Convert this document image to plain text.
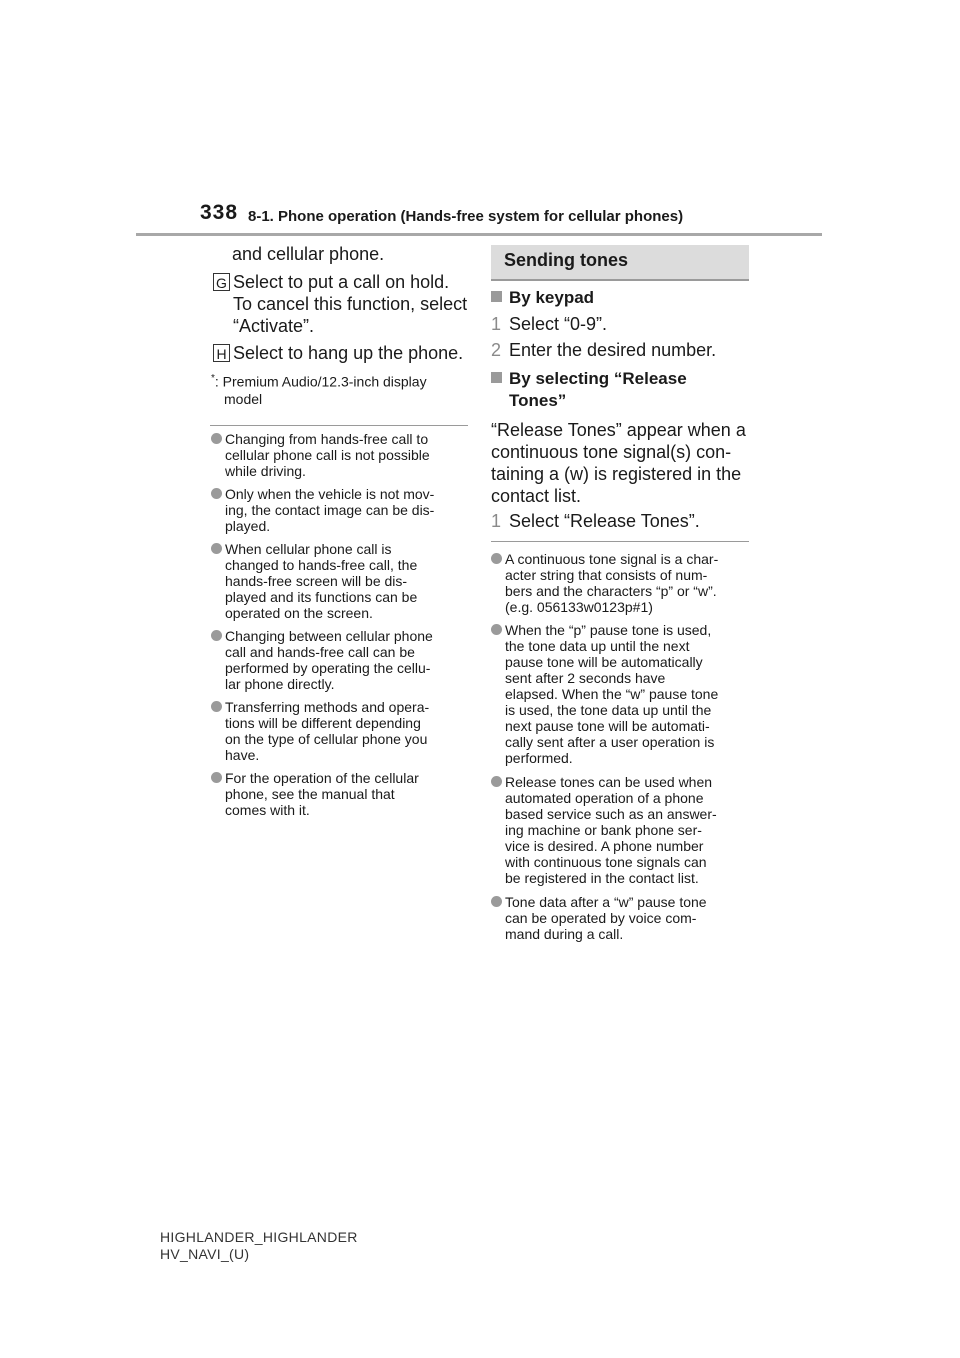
338 8-1. Phone operation (Hands-free system for cellular phones)
and cellular phone.
G Select to put a call on hold.
To cancel this function, select
“Activate”.
H Select to hang up the phone.
*: Premium Audio/12.3-inch display
model
Changing from hands-free call to
cellular phone call is not possible
while driving.
Only when the vehicle is not mov-
ing, the contact image can be dis-
played.
When cellular phone call is
changed to hands-free call, the
hands-free screen will be dis-
played and its functions can be
operated on the screen.
Changing between cellular phone
call and hands-free call can be
performed by operating the cellu-
lar phone directly.
Transferring methods and opera-
tions will be different depending
on the type of cellular phone you
have.
For the operation of the cellular
phone, see the manual that
comes with it.
Sending tones
By keypad
1 Select “0-9”.
2 Enter the desired number.
By selecting “Release
Tones”
“Release Tones” appear when a
continuous tone signal(s) con-
taining a (w) is registered in the
contact list.
1 Select “Release Tones”.
A continuous tone signal is a char-
acter string that consists of num-
bers and the characters “p” or “w”.
(e.g. 056133w0123p#1)
When the “p” pause tone is used,
the tone data up until the next
pause tone will be automatically
sent after 2 seconds have
elapsed. When the “w” pause tone
is used, the tone data up until the
next pause tone will be automati-
cally sent after a user operation is
performed.
Release tones can be used when
automated operation of a phone
based service such as an answer-
ing machine or bank phone ser-
vice is desired. A phone number
with continuous tone signals can
be registered in the contact list.
Tone data after a “w” pause tone
can be operated by voice com-
mand during a call.
HIGHLANDER_HIGHLANDER
HV_NAVI_(U)
